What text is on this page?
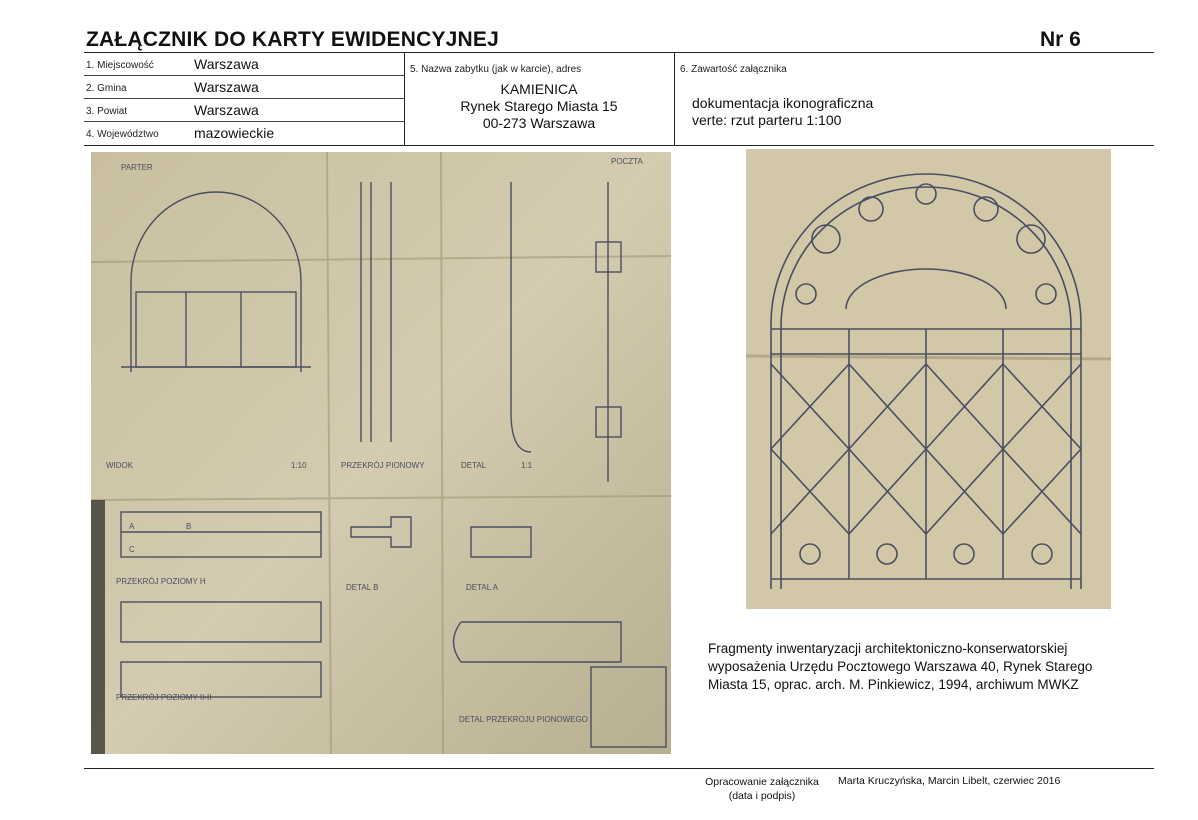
ZAŁĄCZNIK DO KARTY EWIDENCYJNEJ	Nr 6
1. Miejscowość	Warszawa
2. Gmina	Warszawa
3. Powiat	Warszawa
4. Województwo	mazowieckie
5. Nazwa zabytku (jak w karcie), adres
KAMIENICA
Rynek Starego Miasta 15
00-273 Warszawa
6. Zawartość załącznika
dokumentacja ikonograficzna
verte: rzut parteru 1:100
PARTER
POCZTA
WIDOK	1:10	PRZEKRÓJ PIONOWY	DETAL	1:1
A	B
C
PRZEKRÓJ POZIOMY H
DETAL B	DETAL A
PRZEKRÓJ POZIOMY II-II
DETAL PRZEKROJU PIONOWEGO
Fragmenty inwentaryzacji architektoniczno-konserwatorskiej wyposażenia Urzędu Pocztowego Warszawa 40, Rynek Starego Miasta 15, oprac. arch. M. Pinkiewicz, 1994, archiwum MWKZ
Opracowanie załącznika
(data i podpis)
Marta Kruczyńska, Marcin Libelt, czerwiec 2016
